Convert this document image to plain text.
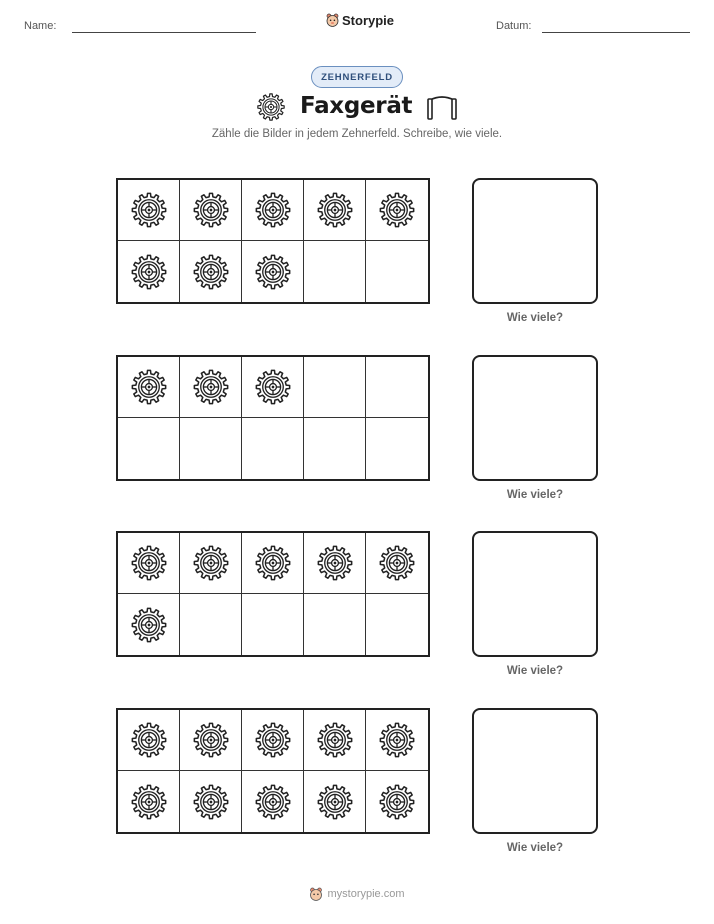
Name:	Storypie	Datum:
ZEHNERFELD
Faxgerät
Zähle die Bilder in jedem Zehnerfeld. Schreibe, wie viele.
Wie viele?
Wie viele?
Wie viele?
Wie viele?
mystorypie.com
